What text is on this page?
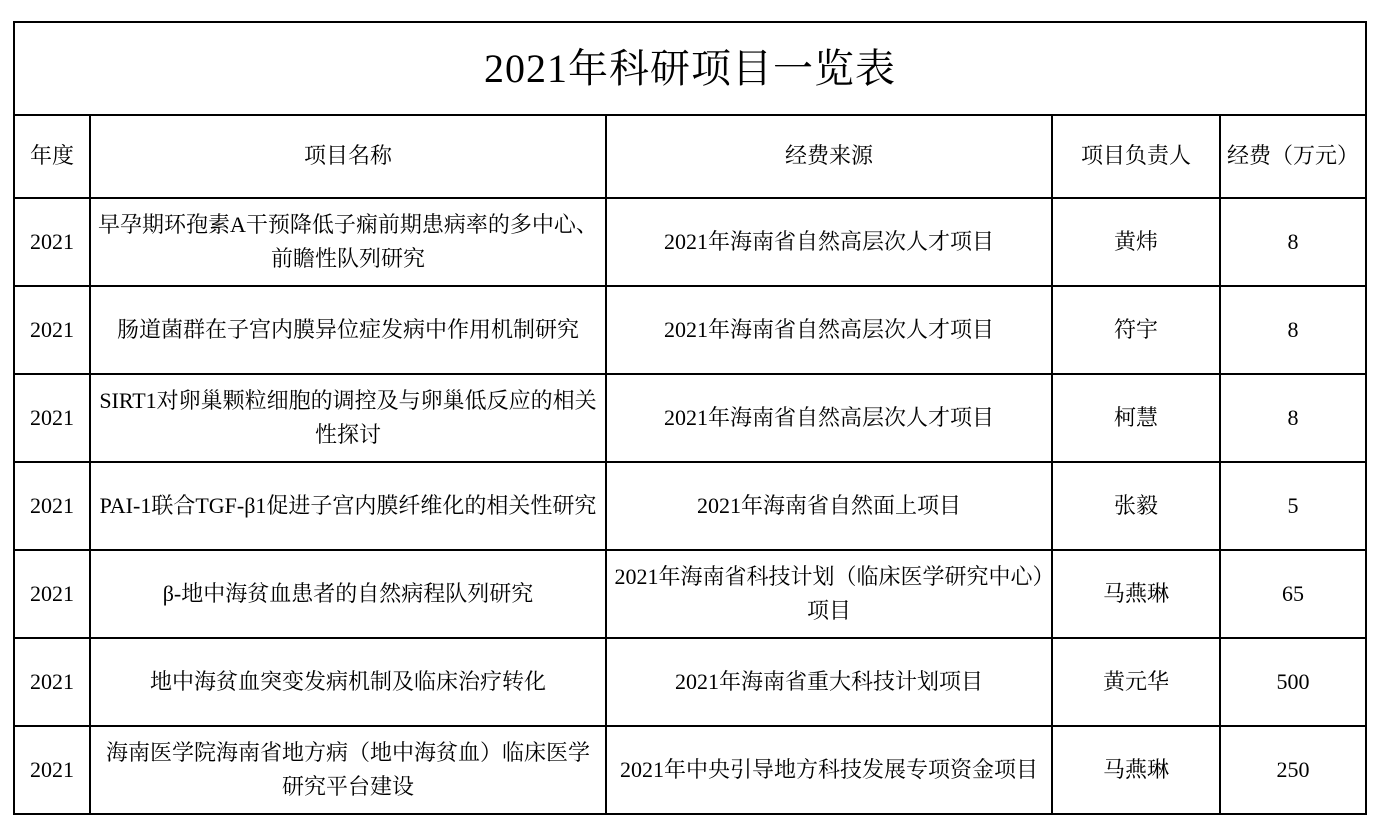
2021年科研项目一览表				
年度	项目名称	经费来源	项目负责人	经费（万元）
2021	早孕期环孢素A干预降低子痫前期患病率的多中心、前瞻性队列研究	2021年海南省自然高层次人才项目	黄炜	8
2021	肠道菌群在子宫内膜异位症发病中作用机制研究	2021年海南省自然高层次人才项目	符宇	8
2021	SIRT1对卵巢颗粒细胞的调控及与卵巢低反应的相关性探讨	2021年海南省自然高层次人才项目	柯慧	8
2021	PAI-1联合TGF-β1促进子宫内膜纤维化的相关性研究	2021年海南省自然面上项目	张毅	5
2021	β-地中海贫血患者的自然病程队列研究	2021年海南省科技计划（临床医学研究中心）项目	马燕琳	65
2021	地中海贫血突变发病机制及临床治疗转化	2021年海南省重大科技计划项目	黄元华	500
2021	海南医学院海南省地方病（地中海贫血）临床医学研究平台建设	2021年中央引导地方科技发展专项资金项目	马燕琳	250
